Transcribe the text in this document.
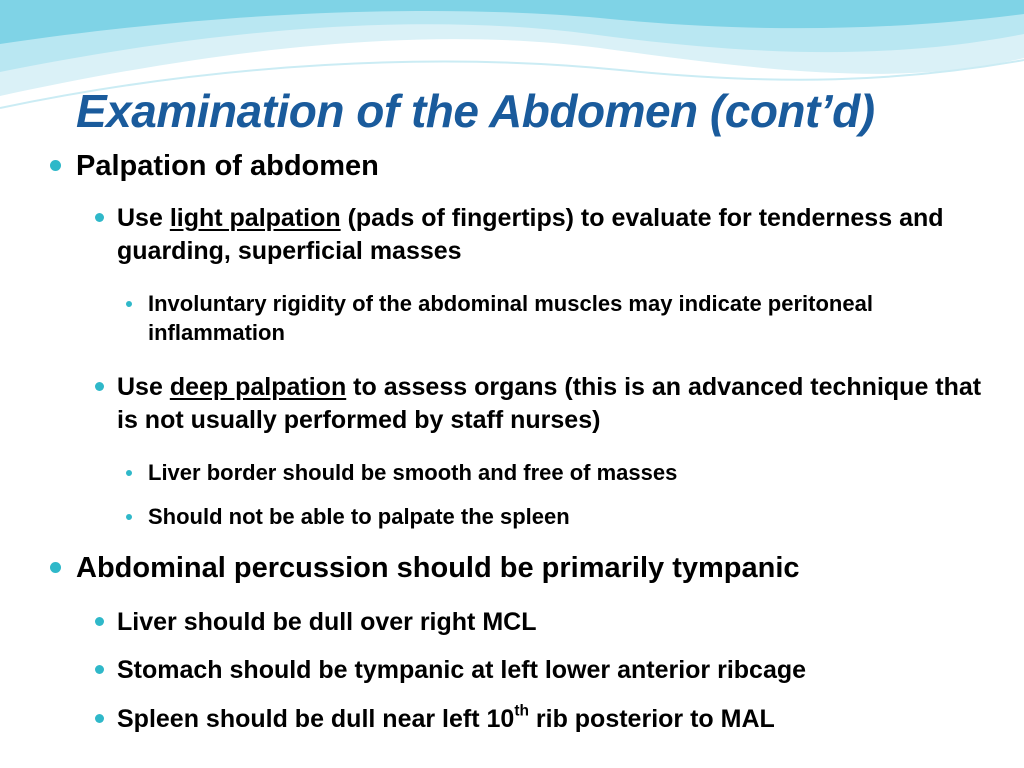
Examination of the Abdomen (cont’d)

Palpation of abdomen

Use light palpation (pads of fingertips) to evaluate for tenderness and guarding, superficial masses

Involuntary rigidity of the abdominal muscles may indicate peritoneal inflammation

Use deep palpation to assess organs (this is an advanced technique that is not usually performed by staff nurses)

Liver border should be smooth and free of masses

Should not be able to palpate the spleen

Abdominal percussion should be primarily tympanic

Liver should be dull over right MCL

Stomach should be tympanic at left lower anterior ribcage

Spleen should be dull near left 10th rib posterior to MAL
